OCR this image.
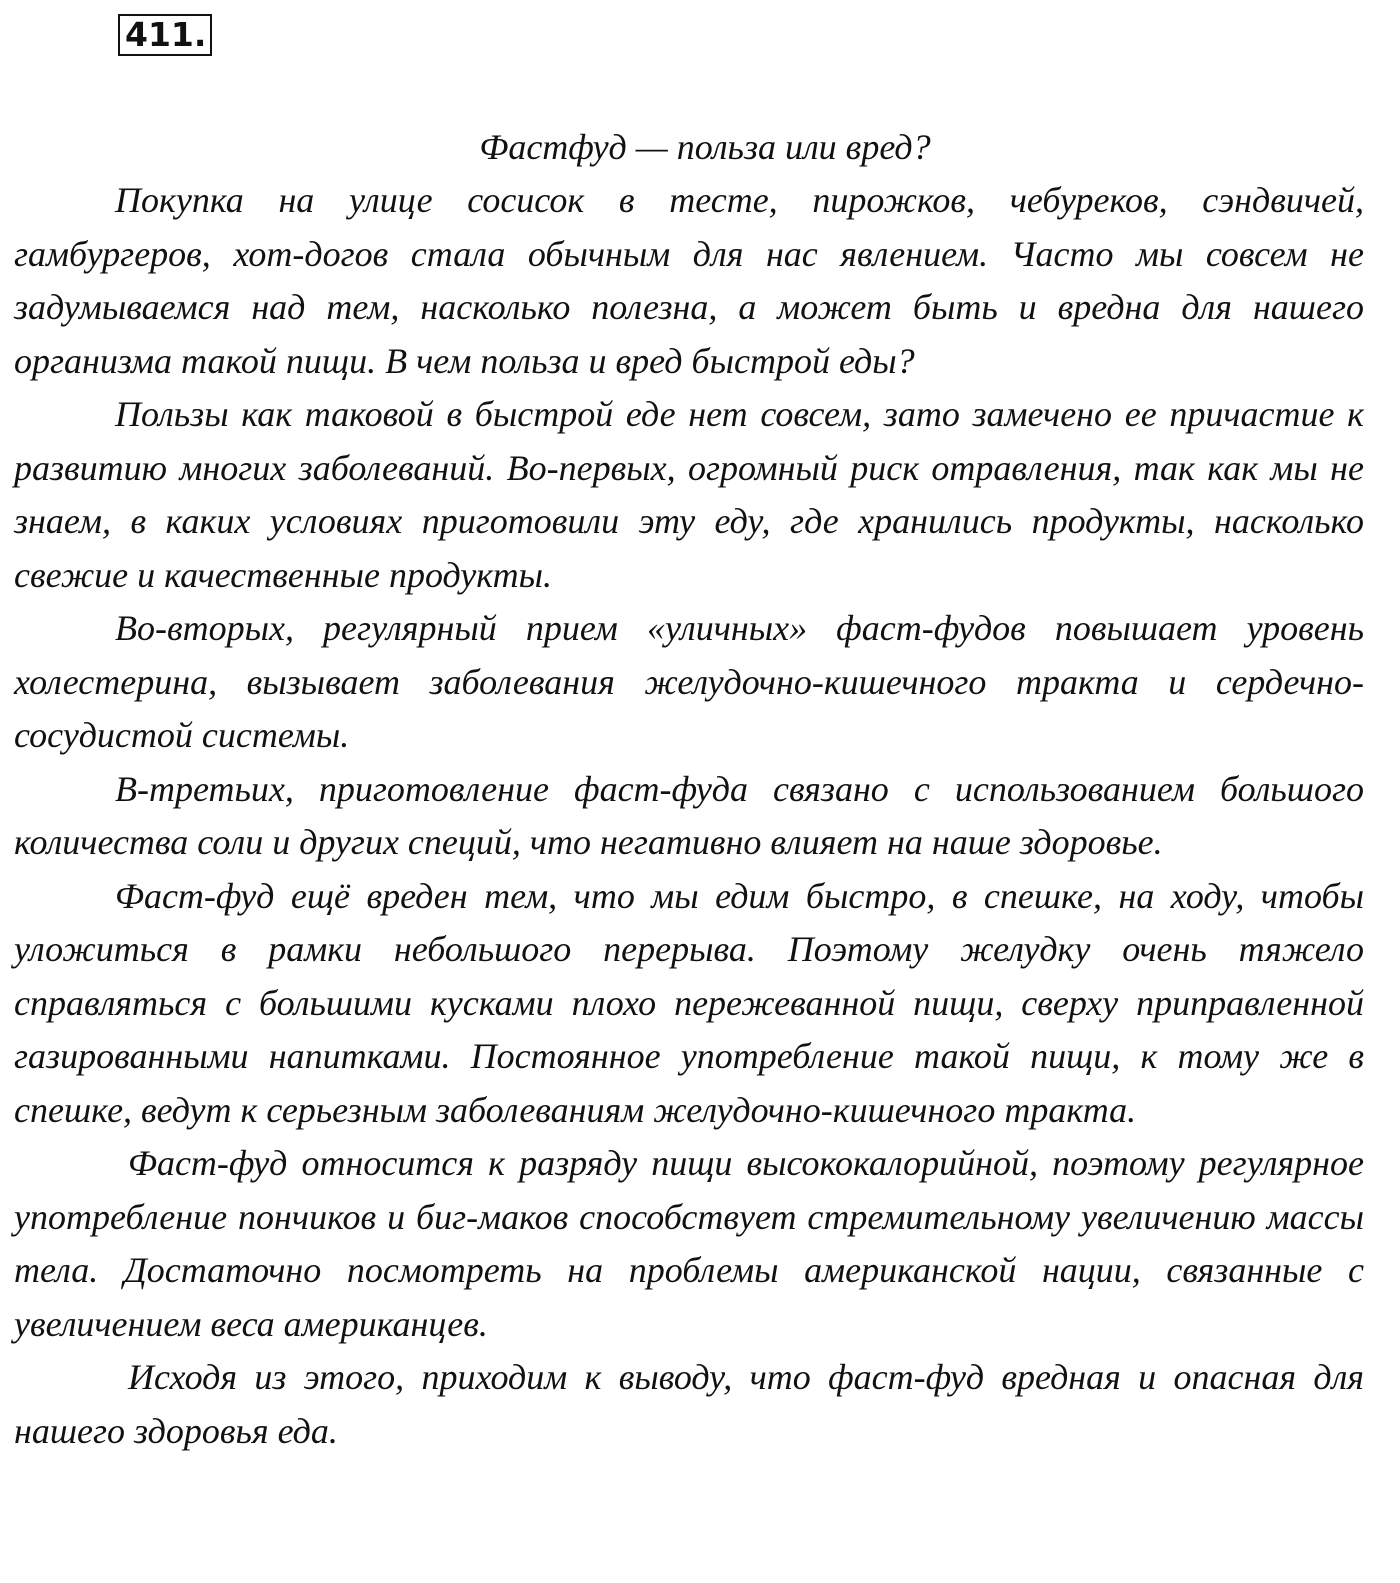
411.
Фастфуд — польза или вред?

Покупка на улице сосисок в тесте, пирожков, чебуреков, сэндвичей, гамбургеров, хот-догов стала обычным для нас явлением. Часто мы совсем не задумываемся над тем, насколько полезна, а может быть и вредна для нашего организма такой пищи. В чем польза и вред быстрой еды?

Пользы как таковой в быстрой еде нет совсем, зато замечено ее причастие к развитию многих заболеваний. Во-первых, огромный риск отравления, так как мы не знаем, в каких условиях приготовили эту еду, где хранились продукты, насколько свежие и качественные продукты.

Во-вторых, регулярный прием «уличных» фаст-фудов повышает уровень холестерина, вызывает заболевания желудочно-кишечного тракта и сердечно-сосудистой системы.

В-третьих, приготовление фаст-фуда связано с использованием большого количества соли и других специй, что негативно влияет на наше здоровье.

Фаст-фуд ещё вреден тем, что мы едим быстро, в спешке, на ходу, чтобы уложиться в рамки небольшого перерыва. Поэтому желудку очень тяжело справляться с большими кусками плохо пережеванной пищи, сверху приправленной газированными напитками. Постоянное употребление такой пищи, к тому же в спешке, ведут к серьезным заболеваниям желудочно-кишечного тракта.

Фаст-фуд относится к разряду пищи высококалорийной, поэтому регулярное употребление пончиков и биг-маков способствует стремительному увеличению массы тела. Достаточно посмотреть на проблемы американской нации, связанные с увеличением веса американцев.

Исходя из этого, приходим к выводу, что фаст-фуд вредная и опасная для нашего здоровья еда.
